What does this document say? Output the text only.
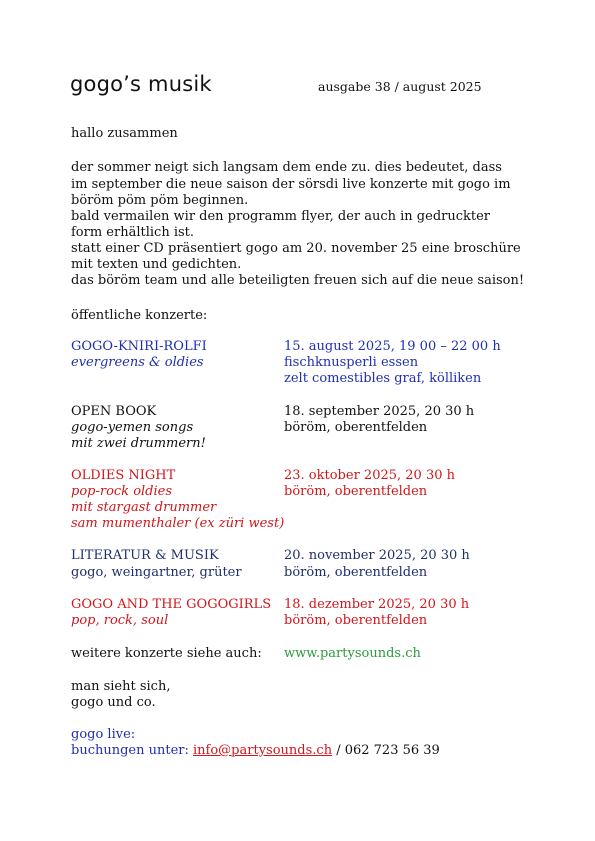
gogo’s musik	ausgabe 38 / august 2025
hallo zusammen
der sommer neigt sich langsam dem ende zu. dies bedeutet, dass
im september die neue saison der sörsdi live konzerte mit gogo im
böröm pöm pöm beginnen.
bald vermailen wir den programm flyer, der auch in gedruckter
form erhältlich ist.
statt einer CD präsentiert gogo am 20. november 25 eine broschüre
mit texten und gedichten.
das böröm team und alle beteiligten freuen sich auf die neue saison!
öffentliche konzerte:
GOGO-KNIRI-ROLFI
evergreens & oldies
15. august 2025, 19 00 – 22 00 h
fischknusperli essen
zelt comestibles graf, kölliken
OPEN BOOK
gogo-yemen songs
mit zwei drummern!
18. september 2025, 20 30 h
böröm, oberentfelden
OLDIES NIGHT
pop-rock oldies
mit stargast drummer
sam mumenthaler (ex züri west)
23. oktober 2025, 20 30 h
böröm, oberentfelden
LITERATUR & MUSIK
gogo, weingartner, grüter
20. november 2025, 20 30 h
böröm, oberentfelden
GOGO AND THE GOGOGIRLS
pop, rock, soul
18. dezember 2025, 20 30 h
böröm, oberentfelden
weitere konzerte siehe auch: www.partysounds.ch
man sieht sich,
gogo und co.
gogo live:
buchungen unter: info@partysounds.ch / 062 723 56 39
